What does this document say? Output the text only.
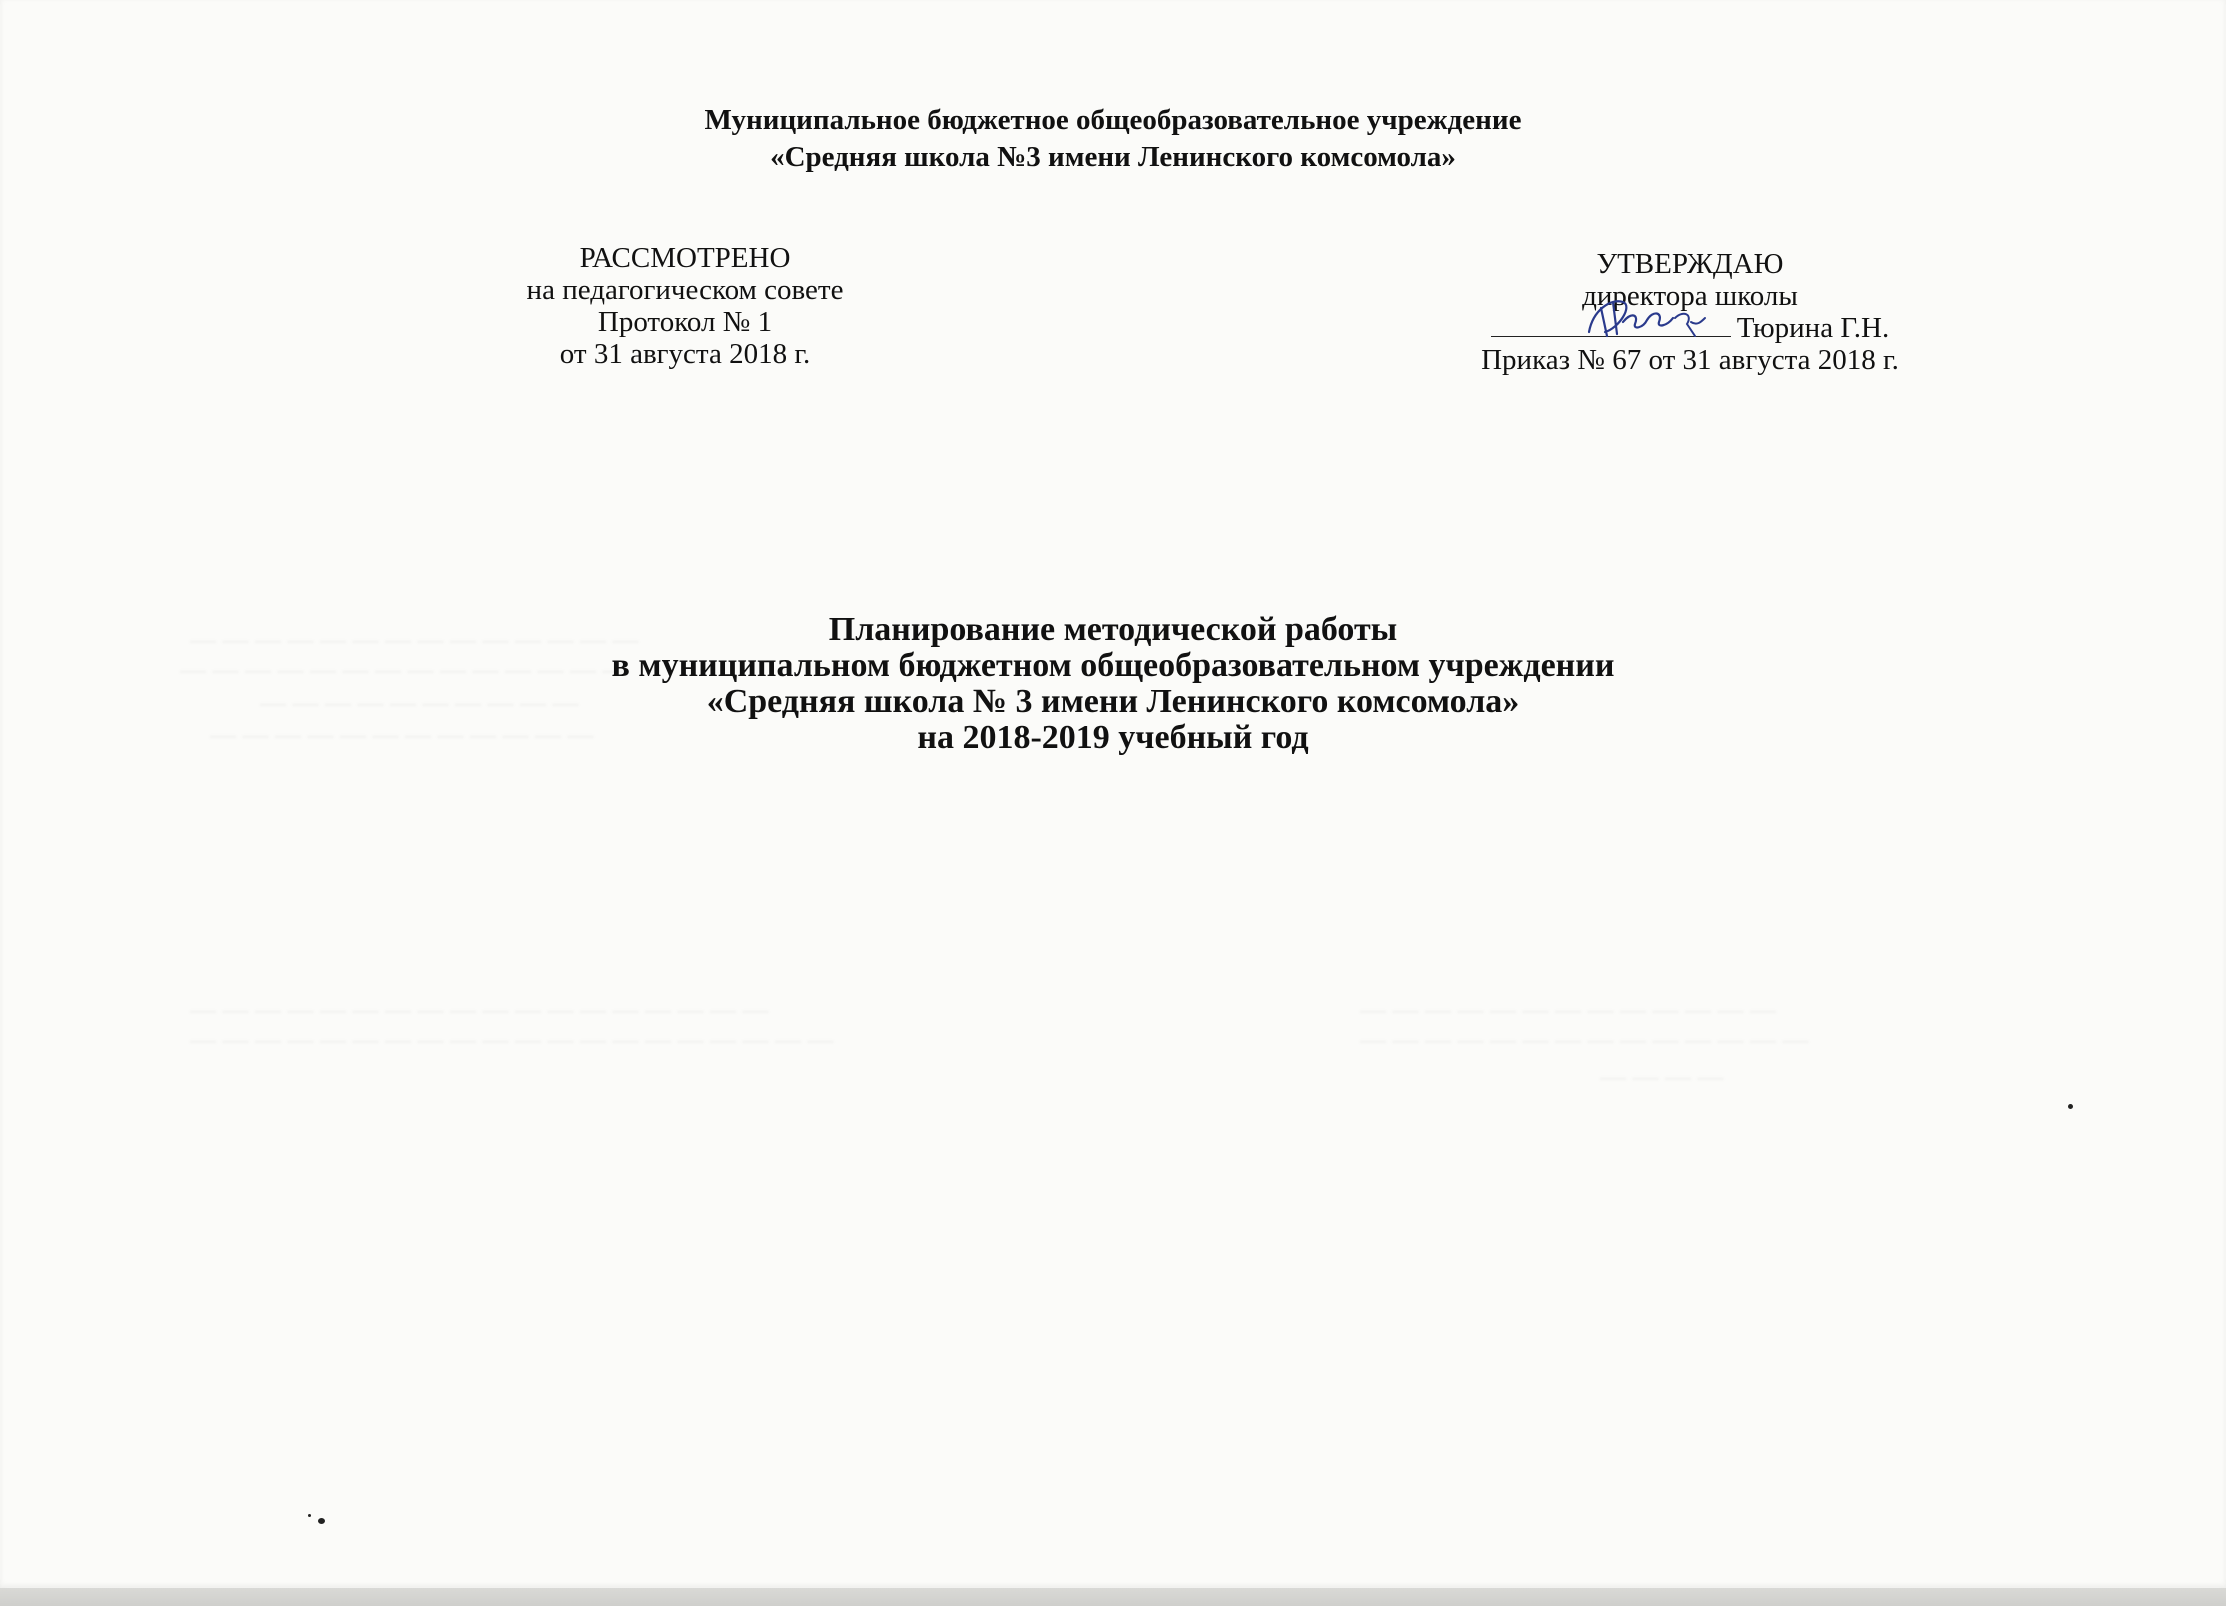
— — — — — — — — — — — — — —
— — — — — — — — — — — — — —
— — — — — — — — — —
— — — — — — — — — — — —
— — — — — — — — — — — — — — — — — —
— — — — — — — — — — — — — — — — — — — —
— — — — — — — — — — — — —
— — — — — — — — — — — — — —
— — — —
Муниципальное бюджетное общеобразовательное учреждение
«Средняя школа №3 имени Ленинского комсомола»
РАССМОТРЕНО
на педагогическом совете
Протокол № 1
от 31 августа 2018 г.
УТВЕРЖДАЮ
директора школы
Тюрина Г.Н.
Приказ № 67 от 31 августа 2018 г.
Планирование методической работы
в муниципальном бюджетном общеобразовательном учреждении
«Средняя школа № 3 имени Ленинского комсомола»
на 2018-2019 учебный год
